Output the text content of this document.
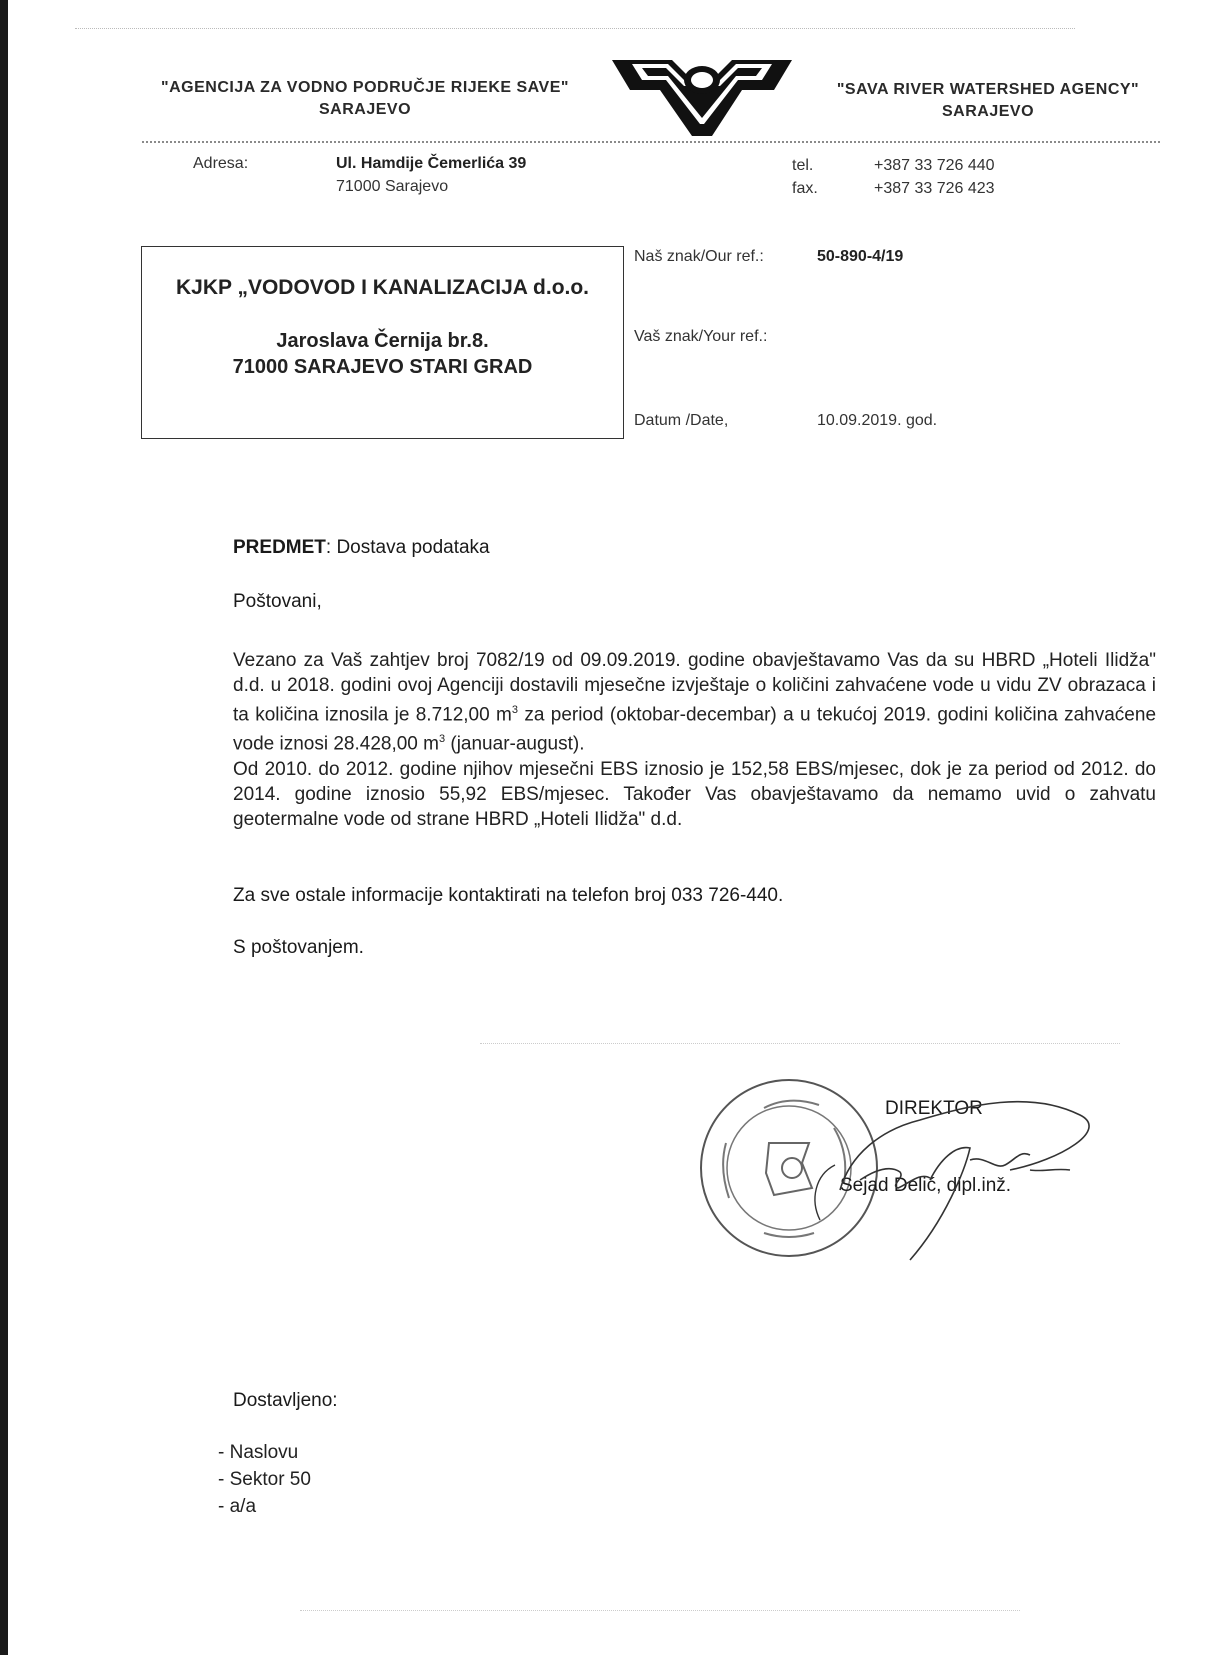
"AGENCIJA ZA VODNO PODRUČJE RIJEKE SAVE"
SARAJEVO
"SAVA RIVER WATERSHED AGENCY"
SARAJEVO
Adresa:	Ul. Hamdije Čemerlića 39
71000 Sarajevo
tel.	+387 33 726 440
fax.	+387 33 726 423
KJKP „VODOVOD I KANALIZACIJA d.o.o.
Jaroslava Černija br.8.
71000 SARAJEVO STARI GRAD
Naš znak/Our ref.:	50-890-4/19
Vaš znak/Your ref.:
Datum /Date,	10.09.2019. god.
PREDMET: Dostava podataka
Poštovani,

Vezano za Vaš zahtjev broj 7082/19 od 09.09.2019. godine obavještavamo Vas da su HBRD „Hoteli Ilidža" d.d. u 2018. godini ovoj Agenciji dostavili mjesečne izvještaje o količini zahvaćene vode u vidu ZV obrazaca i ta količina iznosila je 8.712,00 $m^3$ za period (oktobar-decembar) a u tekućoj 2019. godini količina zahvaćene vode iznosi 28.428,00 $m^3$ (januar-august).

Od 2010. do 2012. godine njihov mjesečni EBS iznosio je 152,58 EBS/mjesec, dok je za period od 2012. do 2014. godine iznosio 55,92 EBS/mjesec. Također Vas obavještavamo da nemamo uvid o zahvatu geotermalne vode od strane HBRD „Hoteli Ilidža" d.d.

Za sve ostale informacije kontaktirati na telefon broj 033 726-440.
S poštovanjem.
DIREKTOR
Sejad Delić, dipl.inž.
Dostavljeno:
- Naslovu
- Sektor 50
- a/a
